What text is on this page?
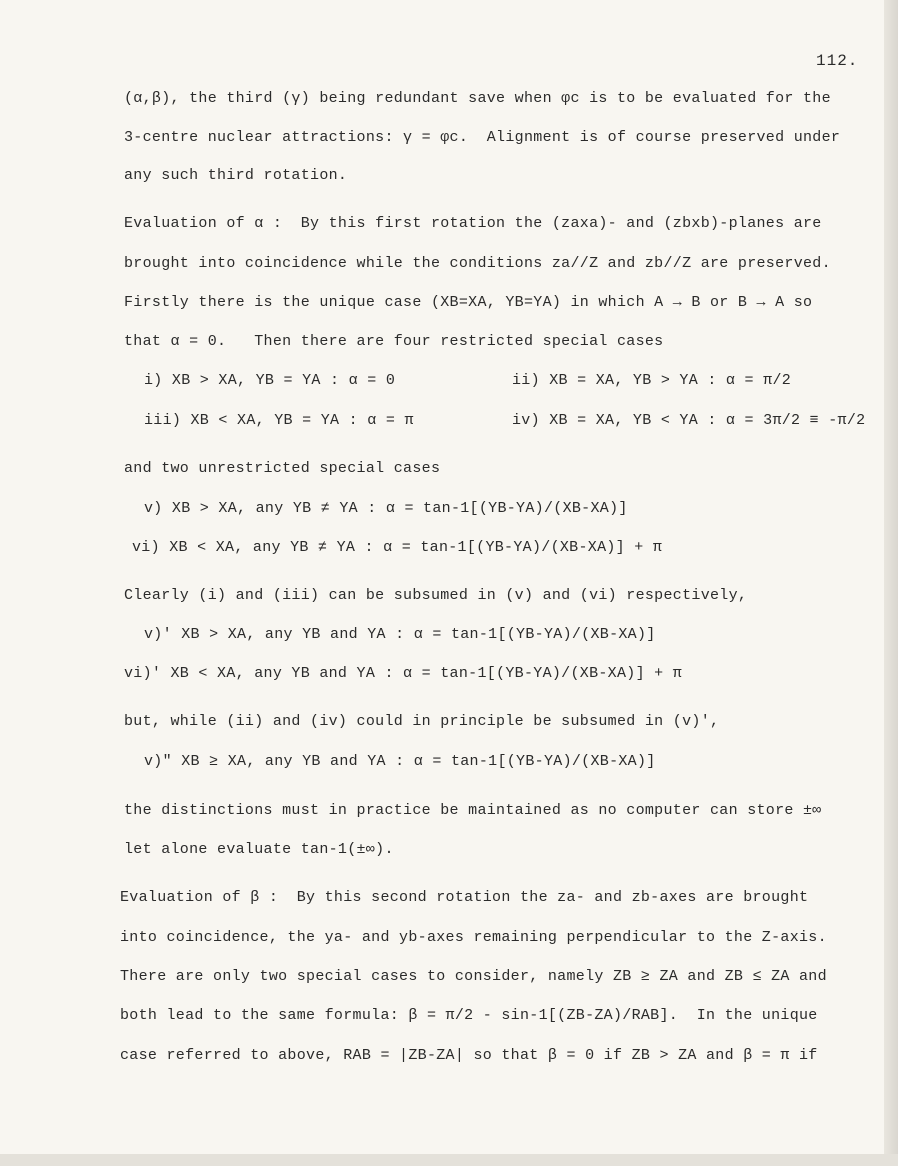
112.
(α,β), the third (γ) being redundant save when φc is to be evaluated for the
3-centre nuclear attractions: γ = φc.  Alignment is of course preserved under
any such third rotation.
Evaluation of α :  By this first rotation the (zaxa)- and (zbxb)-planes are
brought into coincidence while the conditions za//Z and zb//Z are preserved.
Firstly there is the unique case (XB=XA, YB=YA) in which A → B or B → A so
that α = 0.   Then there are four restricted special cases
i) XB > XA, YB = YA : α = 0	ii) XB = XA, YB > YA : α = π/2
iii) XB < XA, YB = YA : α = π	iv) XB = XA, YB < YA : α = 3π/2 ≡ -π/2
and two unrestricted special cases
v) XB > XA, any YB ≠ YA : α = tan-1[(YB-YA)/(XB-XA)]
vi) XB < XA, any YB ≠ YA : α = tan-1[(YB-YA)/(XB-XA)] + π
Clearly (i) and (iii) can be subsumed in (v) and (vi) respectively,
v)' XB > XA, any YB and YA : α = tan-1[(YB-YA)/(XB-XA)]
vi)' XB < XA, any YB and YA : α = tan-1[(YB-YA)/(XB-XA)] + π
but, while (ii) and (iv) could in principle be subsumed in (v)',
v)" XB ≥ XA, any YB and YA : α = tan-1[(YB-YA)/(XB-XA)]
the distinctions must in practice be maintained as no computer can store ±∞
let alone evaluate tan-1(±∞).
Evaluation of β :  By this second rotation the za- and zb-axes are brought
into coincidence, the ya- and yb-axes remaining perpendicular to the Z-axis.
There are only two special cases to consider, namely ZB ≥ ZA and ZB ≤ ZA and
both lead to the same formula: β = π/2 - sin-1[(ZB-ZA)/RAB].  In the unique
case referred to above, RAB = |ZB-ZA| so that β = 0 if ZB > ZA and β = π if
